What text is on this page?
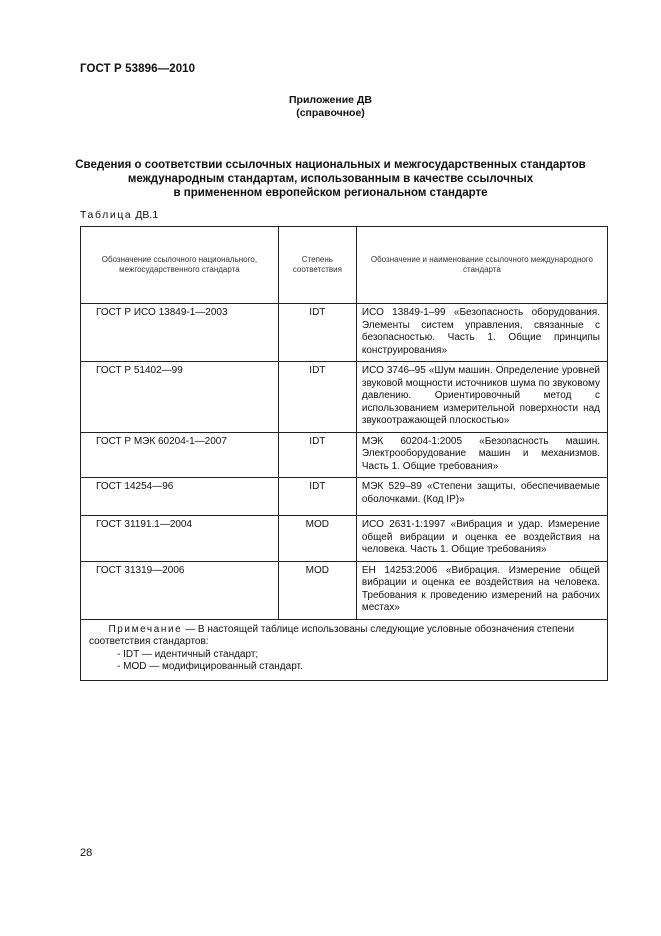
ГОСТ Р 53896—2010
Приложение ДВ
(справочное)
Сведения о соответствии ссылочных национальных и межгосударственных стандартов
международным стандартам, использованным в качестве ссылочных
в примененном европейском региональном стандарте
Таблица ДВ.1
Обозначение ссылочного национального, межгосударственного стандарта	Степень соответствия	Обозначение и наименование ссылочного международного стандарта
ГОСТ Р ИСО 13849-1—2003	IDT	ИСО 13849-1–99 «Безопасность оборудования. Элементы систем управления, связанные с безопасностью. Часть 1. Общие принципы конструирования»
ГОСТ Р 51402—99	IDT	ИСО 3746–95 «Шум машин. Определение уровней звуковой мощности источников шума по звуковому давлению. Ориентировочный метод с использованием измерительной поверхности над звукоотражающей плоскостью»
ГОСТ Р МЭК 60204-1—2007	IDT	МЭК 60204-1:2005 «Безопасность машин. Электрооборудование машин и механизмов. Часть 1. Общие требования»
ГОСТ 14254—96	IDT	МЭК 529–89 «Степени защиты, обеспечиваемые оболочками. (Код IP)»
ГОСТ 31191.1—2004	MOD	ИСО 2631-1:1997 «Вибрация и удар. Измерение общей вибрации и оценка ее воздействия на человека. Часть 1. Общие требования»
ГОСТ 31319—2006	MOD	ЕН 14253:2006 «Вибрация. Измерение общей вибрации и оценка ее воздействия на человека. Требования к проведению измерений на рабочих местах»

Примечание — В настоящей таблице использованы следующие условные обозначения степени соответствия стандартов:
- IDT — идентичный стандарт;
- MOD — модифицированный стандарт.		
28
